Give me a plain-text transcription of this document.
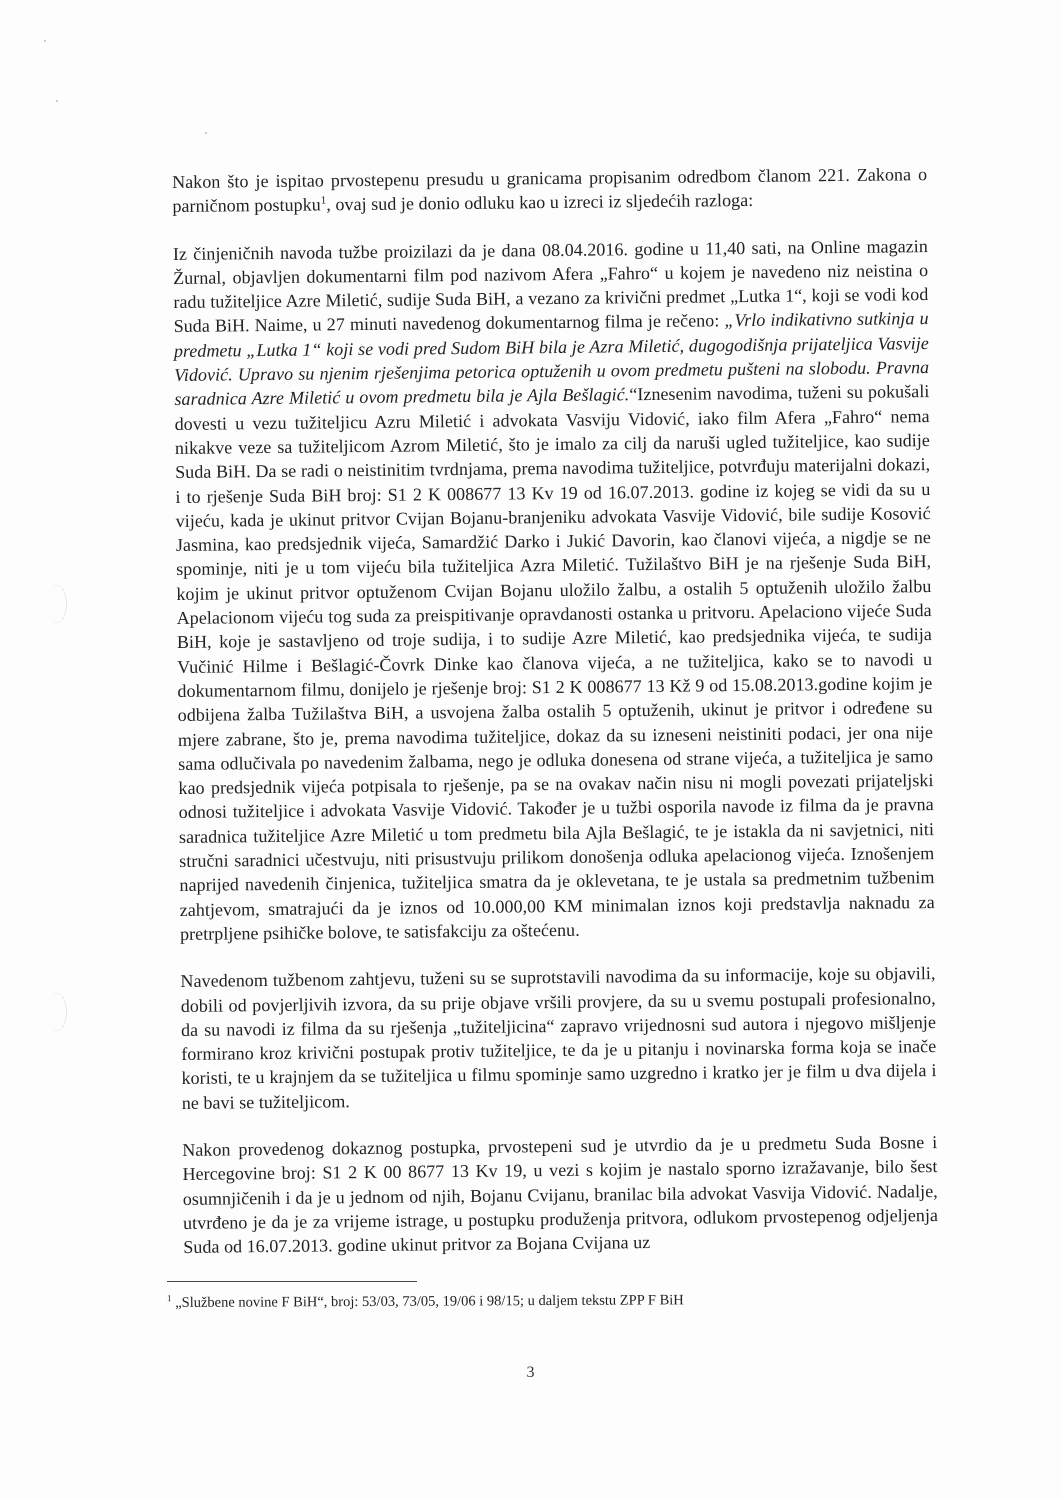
Nakon što je ispitao prvostepenu presudu u granicama propisanim odredbom članom 221. Zakona o parničnom postupku$^1$, ovaj sud je donio odluku kao u izreci iz sljedećih razloga:

Iz činjeničnih navoda tužbe proizilazi da je dana 08.04.2016. godine u 11,40 sati, na Online magazin Žurnal, objavljen dokumentarni film pod nazivom Afera „Fahro“ u kojem je navedeno niz neistina o radu tužiteljice Azre Miletić, sudije Suda BiH, a vezano za krivični predmet „Lutka 1“, koji se vodi kod Suda BiH. Naime, u 27 minuti navedenog dokumentarnog filma je rečeno: „Vrlo indikativno sutkinja u predmetu „Lutka 1“ koji se vodi pred Sudom BiH bila je Azra Miletić, dugogodišnja prijateljica Vasvije Vidović. Upravo su njenim rješenjima petorica optuženih u ovom predmetu pušteni na slobodu. Pravna saradnica Azre Miletić u ovom predmetu bila je Ajla Bešlagić.“Iznesenim navodima, tuženi su pokušali dovesti u vezu tužiteljicu Azru Miletić i advokata Vasviju Vidović, iako film Afera „Fahro“ nema nikakve veze sa tužiteljicom Azrom Miletić, što je imalo za cilj da naruši ugled tužiteljice, kao sudije Suda BiH. Da se radi o neistinitim tvrdnjama, prema navodima tužiteljice, potvrđuju materijalni dokazi, i to rješenje Suda BiH broj: S1 2 K 008677 13 Kv 19 od 16.07.2013. godine iz kojeg se vidi da su u vijeću, kada je ukinut pritvor Cvijan Bojanu-branjeniku advokata Vasvije Vidović, bile sudije Kosović Jasmina, kao predsjednik vijeća, Samardžić Darko i Jukić Davorin, kao članovi vijeća, a nigdje se ne spominje, niti je u tom vijeću bila tužiteljica Azra Miletić. Tužilaštvo BiH je na rješenje Suda BiH, kojim je ukinut pritvor optuženom Cvijan Bojanu uložilo žalbu, a ostalih 5 optuženih uložilo žalbu Apelacionom vijeću tog suda za preispitivanje opravdanosti ostanka u pritvoru. Apelaciono vijeće Suda BiH, koje je sastavljeno od troje sudija, i to sudije Azre Miletić, kao predsjednika vijeća, te sudija Vučinić Hilme i Bešlagić-Čovrk Dinke kao članova vijeća, a ne tužiteljica, kako se to navodi u dokumentarnom filmu, donijelo je rješenje broj: S1 2 K 008677 13 Kž 9 od 15.08.2013.godine kojim je odbijena žalba Tužilaštva BiH, a usvojena žalba ostalih 5 optuženih, ukinut je pritvor i određene su mjere zabrane, što je, prema navodima tužiteljice, dokaz da su izneseni neistiniti podaci, jer ona nije sama odlučivala po navedenim žalbama, nego je odluka donesena od strane vijeća, a tužiteljica je samo kao predsjednik vijeća potpisala to rješenje, pa se na ovakav način nisu ni mogli povezati prijateljski odnosi tužiteljice i advokata Vasvije Vidović. Također je u tužbi osporila navode iz filma da je pravna saradnica tužiteljice Azre Miletić u tom predmetu bila Ajla Bešlagić, te je istakla da ni savjetnici, niti stručni saradnici učestvuju, niti prisustvuju prilikom donošenja odluka apelacionog vijeća. Iznošenjem naprijed navedenih činjenica, tužiteljica smatra da je oklevetana, te je ustala sa predmetnim tužbenim zahtjevom, smatrajući da je iznos od 10.000,00 KM minimalan iznos koji predstavlja naknadu za pretrpljene psihičke bolove, te satisfakciju za oštećenu.

Navedenom tužbenom zahtjevu, tuženi su se suprotstavili navodima da su informacije, koje su objavili, dobili od povjerljivih izvora, da su prije objave vršili provjere, da su u svemu postupali profesionalno, da su navodi iz filma da su rješenja „tužiteljicina“ zapravo vrijednosni sud autora i njegovo mišljenje formirano kroz krivični postupak protiv tužiteljice, te da je u pitanju i novinarska forma koja se inače koristi, te u krajnjem da se tužiteljica u filmu spominje samo uzgredno i kratko jer je film u dva dijela i ne bavi se tužiteljicom.

Nakon provedenog dokaznog postupka, prvostepeni sud je utvrdio da je u predmetu Suda Bosne i Hercegovine broj: S1 2 K 00 8677 13 Kv 19, u vezi s kojim je nastalo sporno izražavanje, bilo šest osumnjičenih i da je u jednom od njih, Bojanu Cvijanu, branilac bila advokat Vasvija Vidović. Nadalje, utvrđeno je da je za vrijeme istrage, u postupku produženja pritvora, odlukom prvostepenog odjeljenja Suda od 16.07.2013. godine ukinut pritvor za Bojana Cvijana uz

$^1$ „Službene novine F BiH“, broj: 53/03, 73/05, 19/06 i 98/15; u daljem tekstu ZPP F BiH
3
